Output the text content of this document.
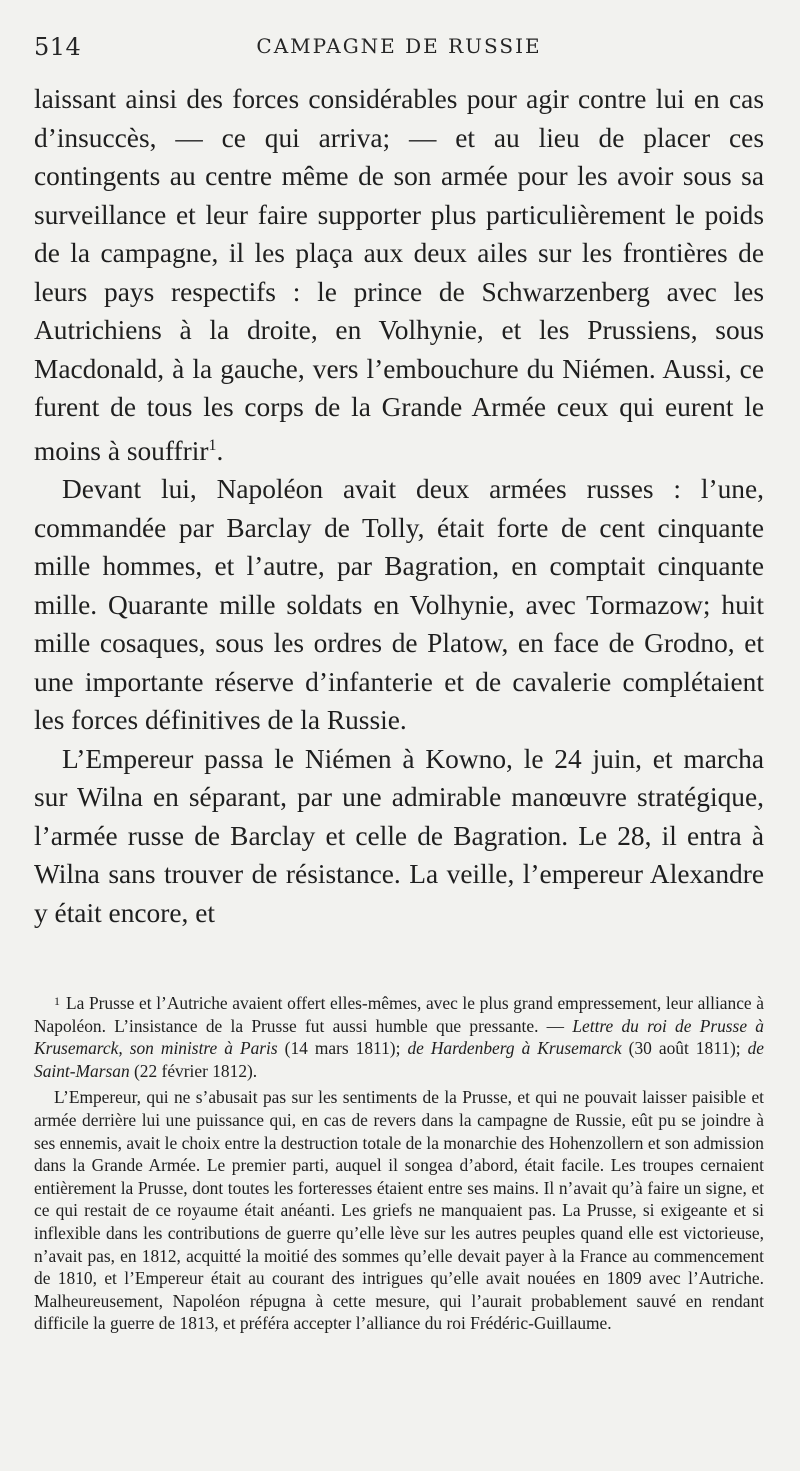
514	CAMPAGNE DE RUSSIE

laissant ainsi des forces considérables pour agir contre lui en cas d’insuccès, — ce qui arriva; — et au lieu de placer ces contingents au centre même de son armée pour les avoir sous sa surveillance et leur faire supporter plus particulièrement le poids de la campagne, il les plaça aux deux ailes sur les frontières de leurs pays respectifs : le prince de Schwarzenberg avec les Autrichiens à la droite, en Volhynie, et les Prussiens, sous Macdonald, à la gauche, vers l’embouchure du Niémen. Aussi, ce furent de tous les corps de la Grande Armée ceux qui eurent le moins à souffrir$^1$.

Devant lui, Napoléon avait deux armées russes : l’une, commandée par Barclay de Tolly, était forte de cent cinquante mille hommes, et l’autre, par Bagration, en comptait cinquante mille. Quarante mille soldats en Volhynie, avec Tormazow; huit mille cosaques, sous les ordres de Platow, en face de Grodno, et une importante réserve d’infanterie et de cavalerie complétaient les forces définitives de la Russie.

L’Empereur passa le Niémen à Kowno, le 24 juin, et marcha sur Wilna en séparant, par une admirable manœuvre stratégique, l’armée russe de Barclay et celle de Bagration. Le 28, il entra à Wilna sans trouver de résistance. La veille, l’empereur Alexandre y était encore, et

$^1$ La Prusse et l’Autriche avaient offert elles-mêmes, avec le plus grand empressement, leur alliance à Napoléon. L’insistance de la Prusse fut aussi humble que pressante. — Lettre du roi de Prusse à Krusemarck, son ministre à Paris (14 mars 1811); de Hardenberg à Krusemarck (30 août 1811); de Saint-Marsan (22 février 1812).

L’Empereur, qui ne s’abusait pas sur les sentiments de la Prusse, et qui ne pouvait laisser paisible et armée derrière lui une puissance qui, en cas de revers dans la campagne de Russie, eût pu se joindre à ses ennemis, avait le choix entre la destruction totale de la monarchie des Hohenzollern et son admission dans la Grande Armée. Le premier parti, auquel il songea d’abord, était facile. Les troupes cernaient entièrement la Prusse, dont toutes les forteresses étaient entre ses mains. Il n’avait qu’à faire un signe, et ce qui restait de ce royaume était anéanti. Les griefs ne manquaient pas. La Prusse, si exigeante et si inflexible dans les contributions de guerre qu’elle lève sur les autres peuples quand elle est victorieuse, n’avait pas, en 1812, acquitté la moitié des sommes qu’elle devait payer à la France au commencement de 1810, et l’Empereur était au courant des intrigues qu’elle avait nouées en 1809 avec l’Autriche. Malheureusement, Napoléon répugna à cette mesure, qui l’aurait probablement sauvé en rendant difficile la guerre de 1813, et préféra accepter l’alliance du roi Frédéric-Guillaume.
